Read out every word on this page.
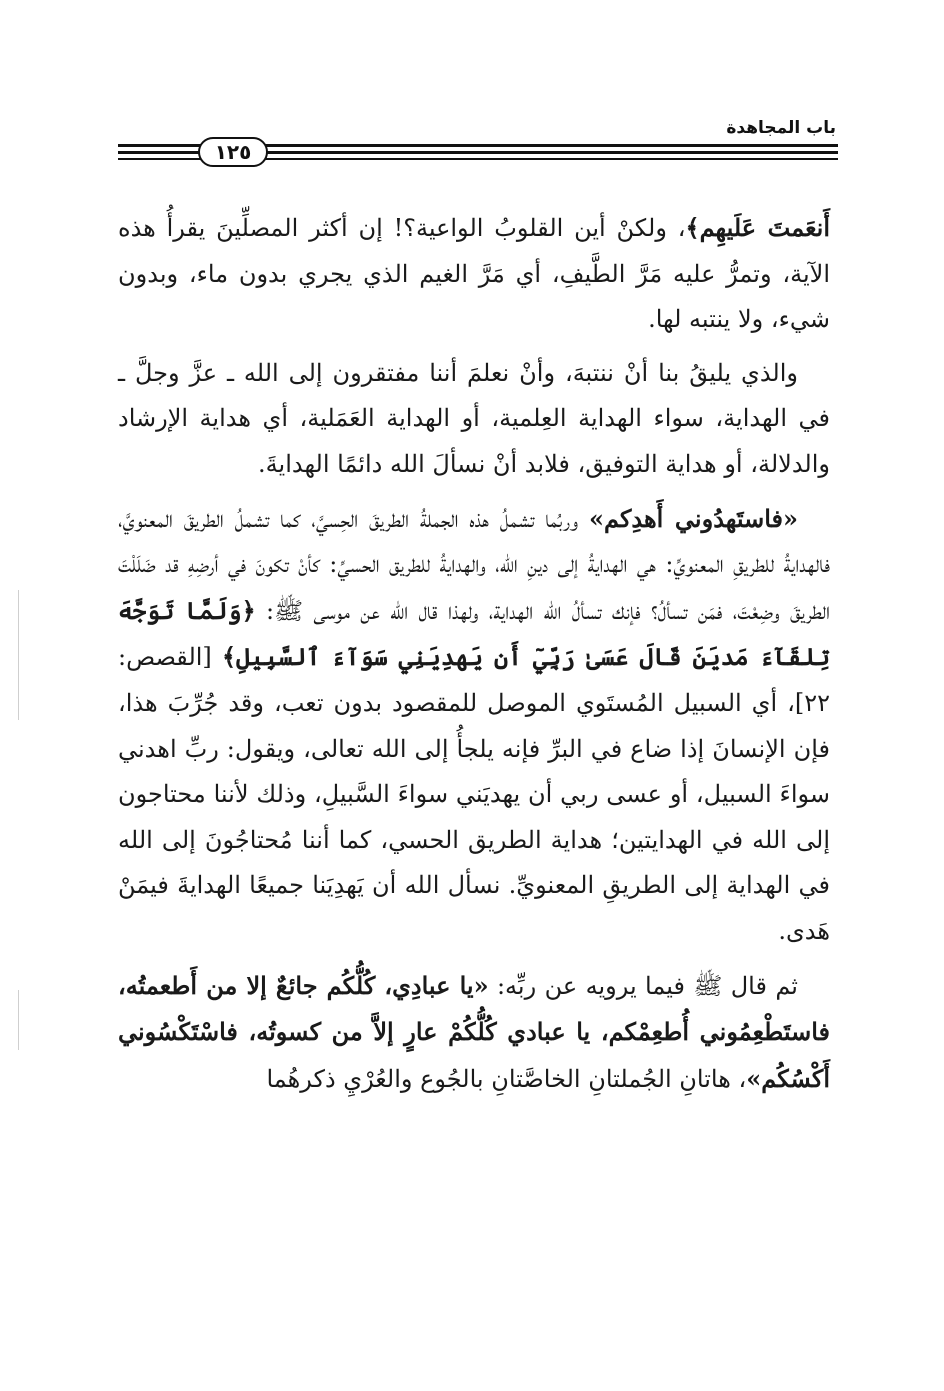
باب المجاهدة
١٢٥

أَنعَمتَ عَلَيهِم﴾، ولكنْ أين القلوبُ الواعية؟! إن أكثر المصلِّينَ يقرأُ هذه الآية، وتمرُّ عليه مَرَّ الطَّيفِ، أي مَرَّ الغيم الذي يجري بدون ماء، وبدون شيء، ولا ينتبه لها.

والذي يليقُ بنا أنْ ننتبهَ، وأنْ نعلمَ أننا مفتقرون إلى الله ـ عزَّ وجلَّ ـ في الهداية، سواء الهداية العِلمية، أو الهداية العَمَلية، أي هداية الإرشاد والدلالة، أو هداية التوفيق، فلابد أنْ نسألَ الله دائمًا الهدايةَ.

«فاستَهدُوني أَهدِكم» وربُما تشملُ هذه الجملةُ الطريقَ الحِسيَّ، كما تشملُ الطريقَ المعنويَّ، فالهدايةُ للطريقِ المعنويِّ: هي الهدايةُ إلى دينِ الله، والهدايةُ للطريق الحسيِّ: كأنْ تكونَ في أرضِهِ قد ضَلَلْتَ الطريقَ وضِعْتَ، فمَن تسألُ؟ فإنك تسألُ الله الهداية، ولهذا قال الله عن موسى ﷺ: ﴿وَلَمَّا تَوَجَّهَ تِلقَآءَ مَديَنَ قَالَ عَسَىٰ رَبِّيٓ أَن يَهدِيَنِي سَوَآءَ ٱلسَّبِيلِ﴾ [القصص: ٢٢]، أي السبيل المُستَوي الموصل للمقصود بدون تعب، وقد جُرِّبَ هذا، فإن الإنسانَ إذا ضاع في البرِّ فإنه يلجأُ إلى الله تعالى، ويقول: ربِّ اهدني سواءَ السبيل، أو عسى ربي أن يهديَني سواءَ السَّبيلِ، وذلك لأننا محتاجون إلى الله في الهدايتين؛ هداية الطريق الحسي، كما أننا مُحتاجُونَ إلى الله في الهداية إلى الطريقِ المعنويِّ. نسأل الله أن يَهدِيَنا جميعًا الهدايةَ فيمَنْ هَدى.

ثم قال ﷺ فيما يرويه عن ربِّه: «يا عبادِي، كُلُّكُم جائعٌ إلا من أَطعمتُه، فاستَطْعِمُوني أُطعِمْكم، يا عبادي كُلُّكُمْ عارٍ إلاَّ من كسوتُه، فاسْتَكْسُوني أَكْسُكُم»، هاتانِ الجُملتانِ الخاصَّتانِ بالجُوع والعُرْيِ ذكرهُما
